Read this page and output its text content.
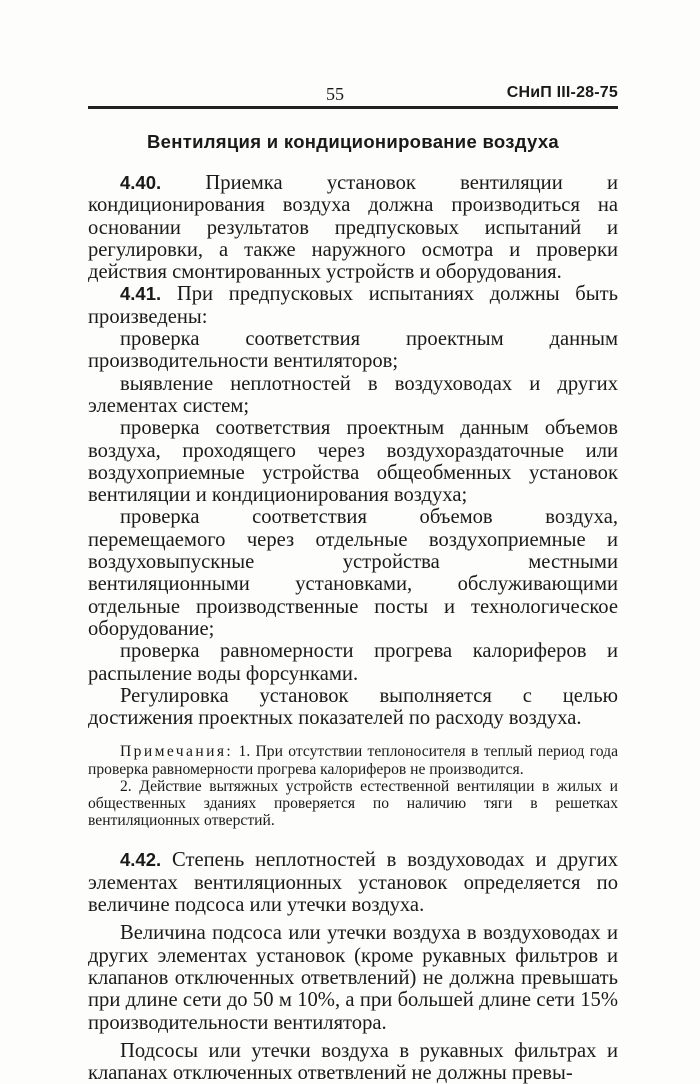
55	СНиП III-28-75
Вентиляция и кондиционирование воздуха

4.40. Приемка установок вентиляции и кондиционирования воздуха должна производиться на основании результатов предпусковых испытаний и регулировки, а также наружного осмотра и проверки действия смонтированных устройств и оборудования.

4.41. При предпусковых испытаниях должны быть произведены:

проверка соответствия проектным данным производительности вентиляторов;

выявление неплотностей в воздуховодах и других элементах систем;

проверка соответствия проектным данным объемов воздуха, проходящего через воздухораздаточные или воздухоприемные устройства общеобменных установок вентиляции и кондиционирования воздуха;

проверка соответствия объемов воздуха, перемещаемого через отдельные воздухоприемные и воздуховыпускные устройства местными вентиляционными установками, обслуживающими отдельные производственные посты и технологическое оборудование;

проверка равномерности прогрева калориферов и распыление воды форсунками.

Регулировка установок выполняется с целью достижения проектных показателей по расходу воздуха.

Примечания: 1. При отсутствии теплоносителя в теплый период года проверка равномерности прогрева калориферов не производится.

2. Действие вытяжных устройств естественной вентиляции в жилых и общественных зданиях проверяется по наличию тяги в решетках вентиляционных отверстий.

4.42. Степень неплотностей в воздуховодах и других элементах вентиляционных установок определяется по величине подсоса или утечки воздуха.

Величина подсоса или утечки воздуха в воздуховодах и других элементах установок (кроме рукавных фильтров и клапанов отключенных ответвлений) не должна превышать при длине сети до 50 м 10%, а при большей длине сети 15% производительности вентилятора.

Подсосы или утечки воздуха в рукавных фильтрах и клапанах отключенных ответвлений не должны превы-
